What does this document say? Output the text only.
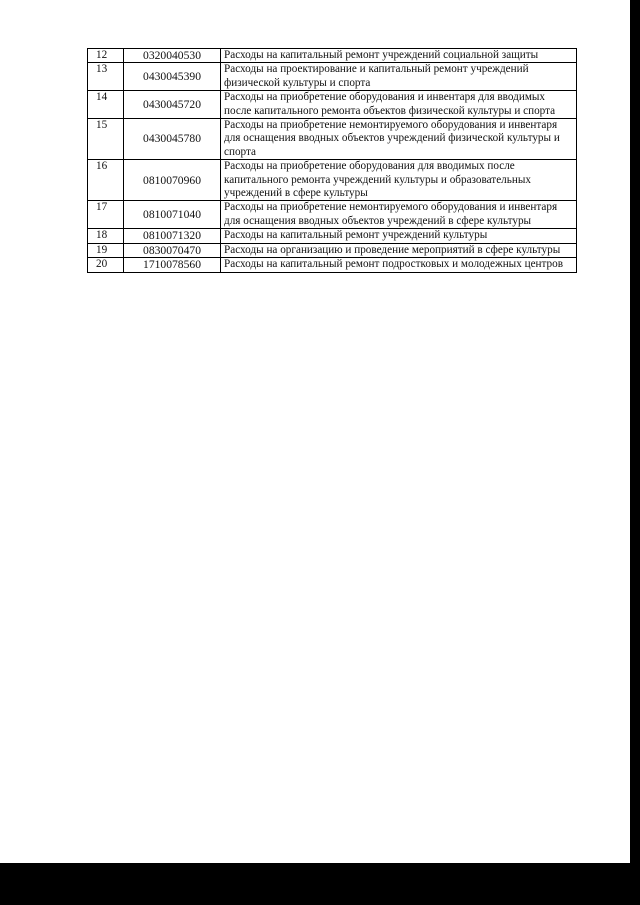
12	0320040530	Расходы на капитальный ремонт учреждений социальной защиты
13	0430045390	Расходы на проектирование и капитальный ремонт учреждений физической культуры и спорта
14	0430045720	Расходы на приобретение оборудования и инвентаря для вводимых после капитального ремонта объектов физической культуры и спорта
15	0430045780	Расходы на приобретение немонтируемого оборудования и инвентаря для оснащения вводных объектов учреждений физической культуры и спорта
16	0810070960	Расходы на приобретение оборудования для вводимых после капитального ремонта учреждений культуры и образовательных учреждений в сфере культуры
17	0810071040	Расходы на приобретение немонтируемого оборудования и инвентаря для оснащения вводных объектов учреждений в сфере культуры
18	0810071320	Расходы на капитальный ремонт учреждений культуры
19	0830070470	Расходы на организацию и проведение мероприятий в сфере культуры
20	1710078560	Расходы на капитальный ремонт подростковых и молодежных центров
